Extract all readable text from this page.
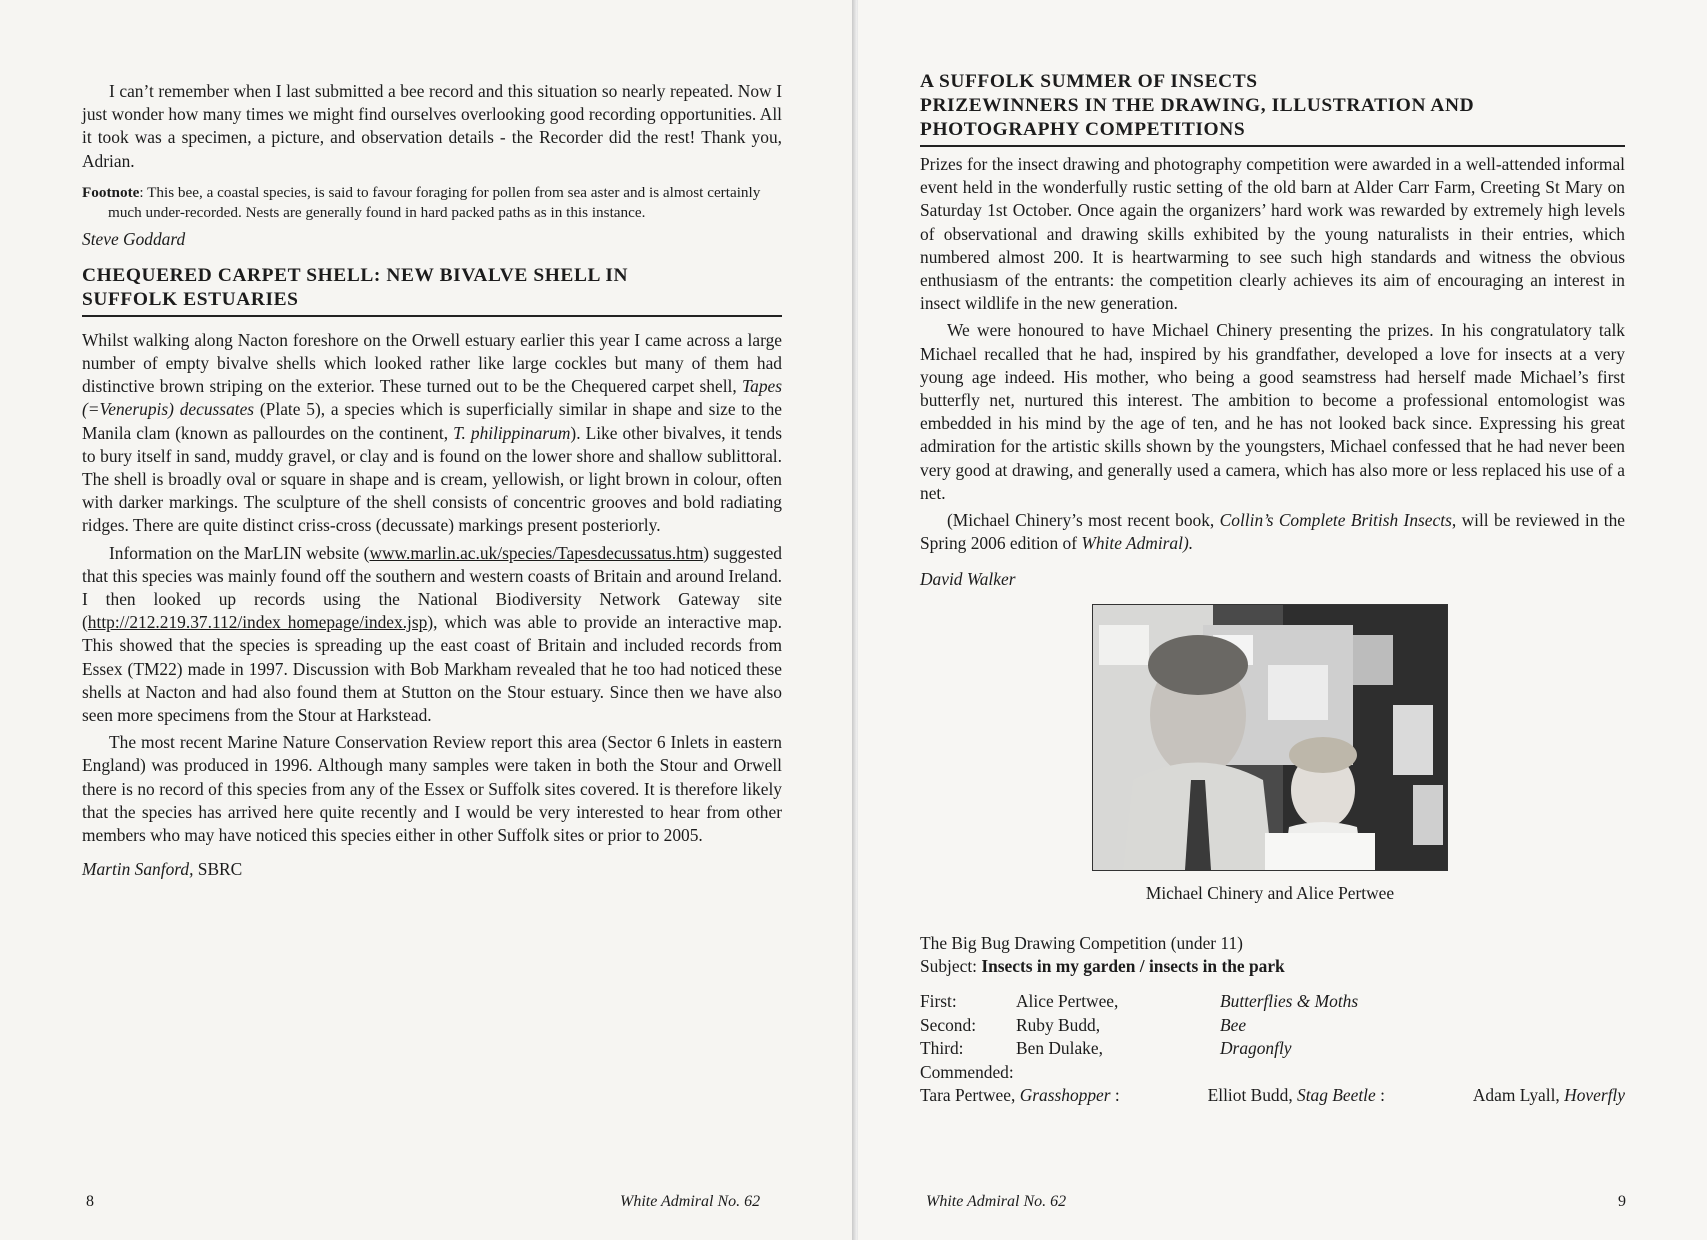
I can’t remember when I last submitted a bee record and this situation so nearly repeated. Now I just wonder how many times we might find ourselves overlooking good recording opportunities. All it took was a specimen, a picture, and observation details - the Recorder did the rest! Thank you, Adrian.

Footnote: This bee, a coastal species, is said to favour foraging for pollen from sea aster and is almost certainly much under-recorded. Nests are generally found in hard packed paths as in this instance.

Steve Goddard
CHEQUERED CARPET SHELL: NEW BIVALVE SHELL IN
SUFFOLK ESTUARIES

Whilst walking along Nacton foreshore on the Orwell estuary earlier this year I came across a large number of empty bivalve shells which looked rather like large cockles but many of them had distinctive brown striping on the exterior. These turned out to be the Chequered carpet shell, Tapes (=Venerupis) decussates (Plate 5), a species which is superficially similar in shape and size to the Manila clam (known as pallourdes on the continent, T. philippinarum). Like other bivalves, it tends to bury itself in sand, muddy gravel, or clay and is found on the lower shore and shallow sublittoral. The shell is broadly oval or square in shape and is cream, yellowish, or light brown in colour, often with darker markings. The sculpture of the shell consists of concentric grooves and bold radiating ridges. There are quite distinct criss-cross (decussate) markings present posteriorly.

Information on the MarLIN website (www.marlin.ac.uk/species/Tapesdecussatus.htm) suggested that this species was mainly found off the southern and western coasts of Britain and around Ireland. I then looked up records using the National Biodiversity Network Gateway site (http://212.219.37.112/index homepage/index.jsp), which was able to provide an interactive map. This showed that the species is spreading up the east coast of Britain and included records from Essex (TM22) made in 1997. Discussion with Bob Markham revealed that he too had noticed these shells at Nacton and had also found them at Stutton on the Stour estuary. Since then we have also seen more specimens from the Stour at Harkstead.

The most recent Marine Nature Conservation Review report this area (Sector 6 Inlets in eastern England) was produced in 1996. Although many samples were taken in both the Stour and Orwell there is no record of this species from any of the Essex or Suffolk sites covered. It is therefore likely that the species has arrived here quite recently and I would be very interested to hear from other members who may have noticed this species either in other Suffolk sites or prior to 2005.

Martin Sanford, SBRC
8	White Admiral No. 62
A SUFFOLK SUMMER OF INSECTS
PRIZEWINNERS IN THE DRAWING, ILLUSTRATION AND
PHOTOGRAPHY COMPETITIONS

Prizes for the insect drawing and photography competition were awarded in a well-attended informal event held in the wonderfully rustic setting of the old barn at Alder Carr Farm, Creeting St Mary on Saturday 1st October. Once again the organizers’ hard work was rewarded by extremely high levels of observational and drawing skills exhibited by the young naturalists in their entries, which numbered almost 200. It is heartwarming to see such high standards and witness the obvious enthusiasm of the entrants: the competition clearly achieves its aim of encouraging an interest in insect wildlife in the new generation.

We were honoured to have Michael Chinery presenting the prizes. In his congratulatory talk Michael recalled that he had, inspired by his grandfather, developed a love for insects at a very young age indeed. His mother, who being a good seamstress had herself made Michael’s first butterfly net, nurtured this interest. The ambition to become a professional entomologist was embedded in his mind by the age of ten, and he has not looked back since. Expressing his great admiration for the artistic skills shown by the youngsters, Michael confessed that he had never been very good at drawing, and generally used a camera, which has also more or less replaced his use of a net.

(Michael Chinery’s most recent book, Collin’s Complete British Insects, will be reviewed in the Spring 2006 edition of White Admiral).

David Walker
Michael Chinery and Alice Pertwee
The Big Bug Drawing Competition (under 11)
Subject: Insects in my garden / insects in the park
First:	Alice Pertwee,	Butterflies & Moths
Second:	Ruby Budd,	Bee
Third:	Ben Dulake,	Dragonfly
Commended:
Tara Pertwee, Grasshopper :	Elliot Budd, Stag Beetle :	Adam Lyall, Hoverfly
White Admiral No. 62	9
